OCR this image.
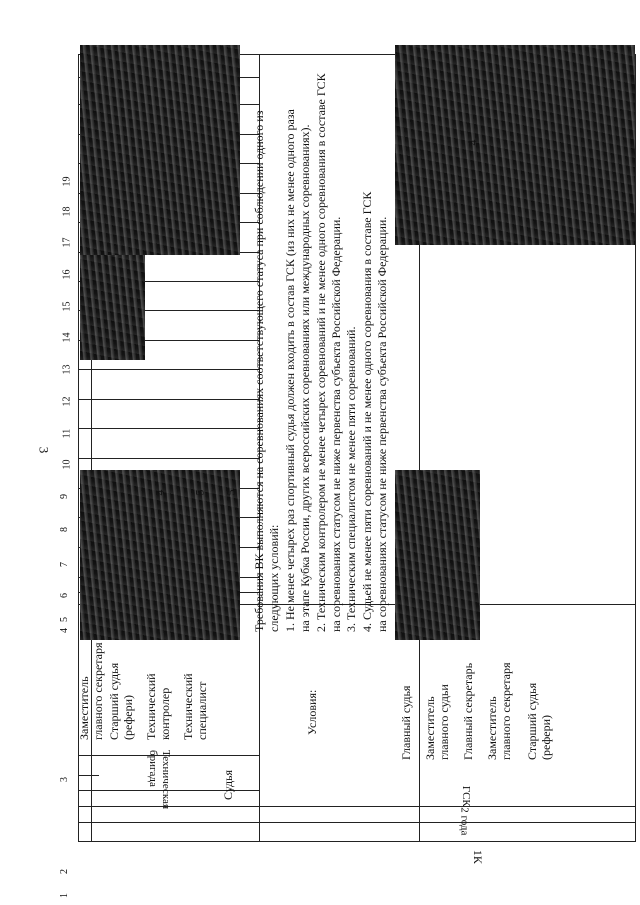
3
1
2
3
4
5
6
7
8
9
10
11
12
13
14
15
16
17
18
19
Заместитель главного секретаря Старший судья (рефери) Технический контролер Технический специалист
Судья
Техническая бригада
4 5 5
Условия:
Требования ВК выполняются на соревнованиях соответствующего статуса при соблюдении одного из следующих условий: 1. Не менее четырех раз спортивный судья должен входить в состав ГСК (из них не менее одного раза на этапе Кубка России, других всероссийских соревнованиях или международных соревнованиях). 2. Техническим контролером не менее четырех соревнований и не менее одного соревнования в составе ГСК на соревнованиях статусом не ниже первенства субъекта Российской Федерации. 3. Техническим специалистом не менее пяти соревнований. 4. Судьей не менее пяти соревнований и не менее одного соревнования в составе ГСК на соревнованиях статусом не ниже первенства субъекта Российской Федерации.
Главный судья Заместитель главного судьи Главный секретарь Заместитель главного секретаря Старший судья (рефери)
4
1К
2 года
ГСК
